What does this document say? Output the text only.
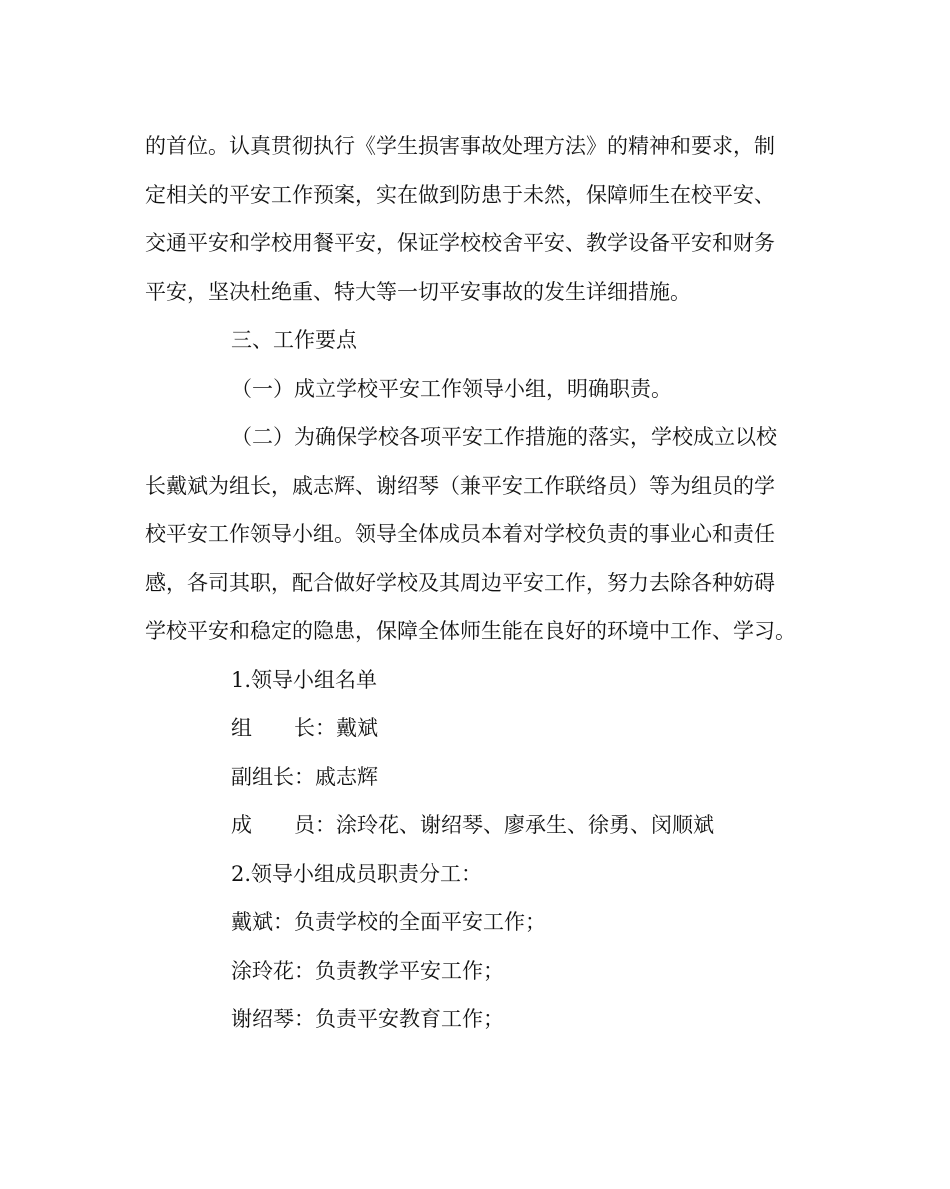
的首位。认真贯彻执行《学生损害事故处理方法》的精神和要求，制
定相关的平安工作预案，实在做到防患于未然，保障师生在校平安、
交通平安和学校用餐平安，保证学校校舍平安、教学设备平安和财务
平安，坚决杜绝重、特大等一切平安事故的发生详细措施。
三、工作要点
（一）成立学校平安工作领导小组，明确职责。
（二）为确保学校各项平安工作措施的落实，学校成立以校
长戴斌为组长，戚志辉、谢绍琴（兼平安工作联络员）等为组员的学
校平安工作领导小组。领导全体成员本着对学校负责的事业心和责任
感，各司其职，配合做好学校及其周边平安工作，努力去除各种妨碍
学校平安和稳定的隐患，保障全体师生能在良好的环境中工作、学习。
1.领导小组名单
组　　长：戴斌
副组长：戚志辉
成　　员：涂玲花、谢绍琴、廖承生、徐勇、闵顺斌
2.领导小组成员职责分工：
戴斌：负责学校的全面平安工作；
涂玲花：负责教学平安工作；
谢绍琴：负责平安教育工作；
